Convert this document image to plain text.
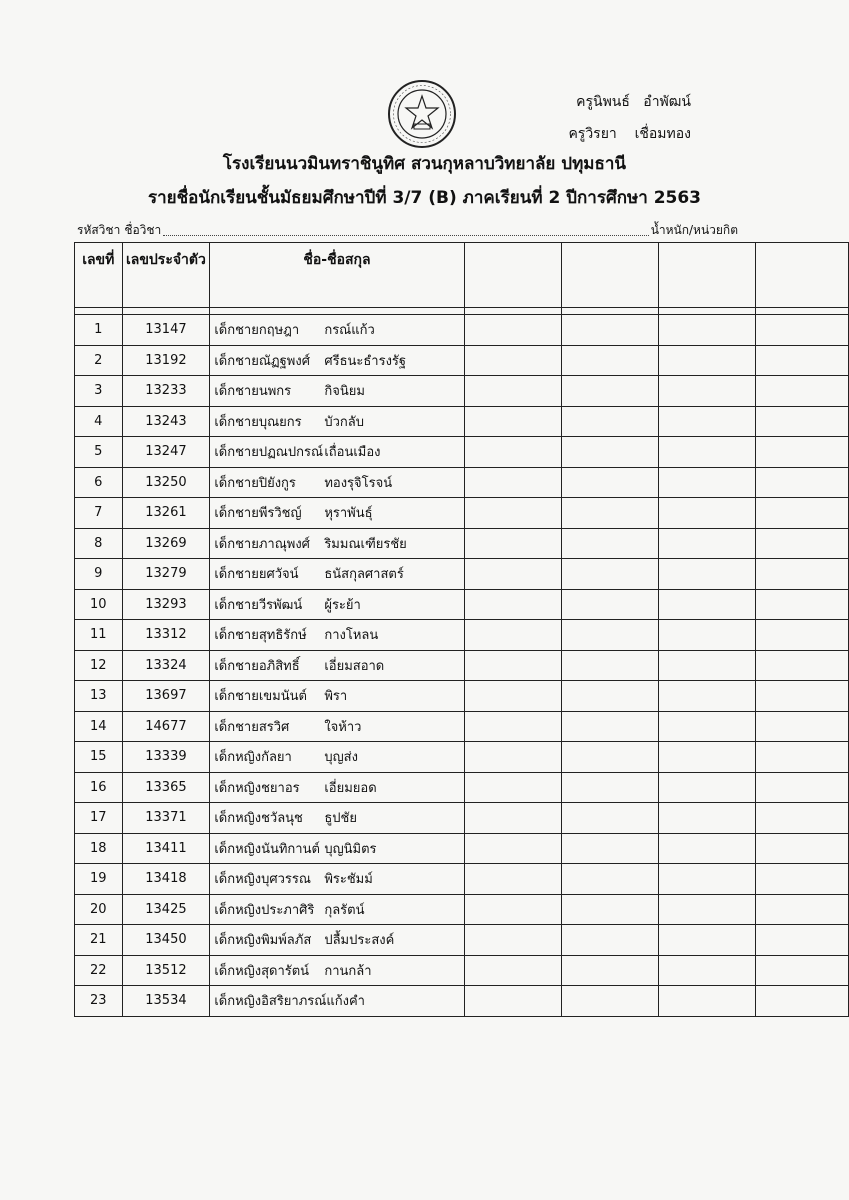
ครูนิพนธ์ อำพัฒน์
ครูวิรยา เชื่อมทอง
โรงเรียนนวมินทราชินูทิศ สวนกุหลาบวิทยาลัย ปทุมธานี
รายชื่อนักเรียนชั้นมัธยมศึกษาปีที่ 3/7 (B) ภาคเรียนที่ 2 ปีการศึกษา 2563
รหัสวิชา ชื่อวิชา	น้ำหนัก/หน่วยกิต
เลขที่	เลขประจำตัว	ชื่อ-ชื่อสกุล				

1	13147	เด็กชายกฤษฎา กรณ์แก้ว				
2	13192	เด็กชายณัฏฐพงศ์ ศรีธนะธำรงรัฐ				
3	13233	เด็กชายนพกร กิจนิยม				
4	13243	เด็กชายบุณยกร บัวกลับ				
5	13247	เด็กชายปฏณปกรณ์เถื่อนเมือง				
6	13250	เด็กชายปิยังกูร ทองรุจิโรจน์				
7	13261	เด็กชายพีรวิชญ์ หุราพันธุ์				
8	13269	เด็กชายภาณุพงศ์ ริมมณเฑียรชัย				
9	13279	เด็กชายยศวัจน์ ธนัสกุลศาสตร์				
10	13293	เด็กชายวีรพัฒน์ ผู้ระย้า				
11	13312	เด็กชายสุทธิรักษ์ กางโหลน				
12	13324	เด็กชายอภิสิทธิ์ เอี่ยมสอาด				
13	13697	เด็กชายเขมนันต์ พิรา				
14	14677	เด็กชายสรวิศ ใจห้าว				
15	13339	เด็กหญิงกัลยา บุญส่ง				
16	13365	เด็กหญิงชยาอร เอี่ยมยอด				
17	13371	เด็กหญิงชวัลนุช ธูปชัย				
18	13411	เด็กหญิงนันทิกานต์ บุญนิมิตร				
19	13418	เด็กหญิงบุศวรรณ พิระชัมม์				
20	13425	เด็กหญิงประภาศิริ กุลรัตน์				
21	13450	เด็กหญิงพิมพ์ลภัส ปลื้มประสงค์				
22	13512	เด็กหญิงสุดารัตน์ กานกล้า				
23	13534	เด็กหญิงอิสริยาภรณ์แก้งคำ				
